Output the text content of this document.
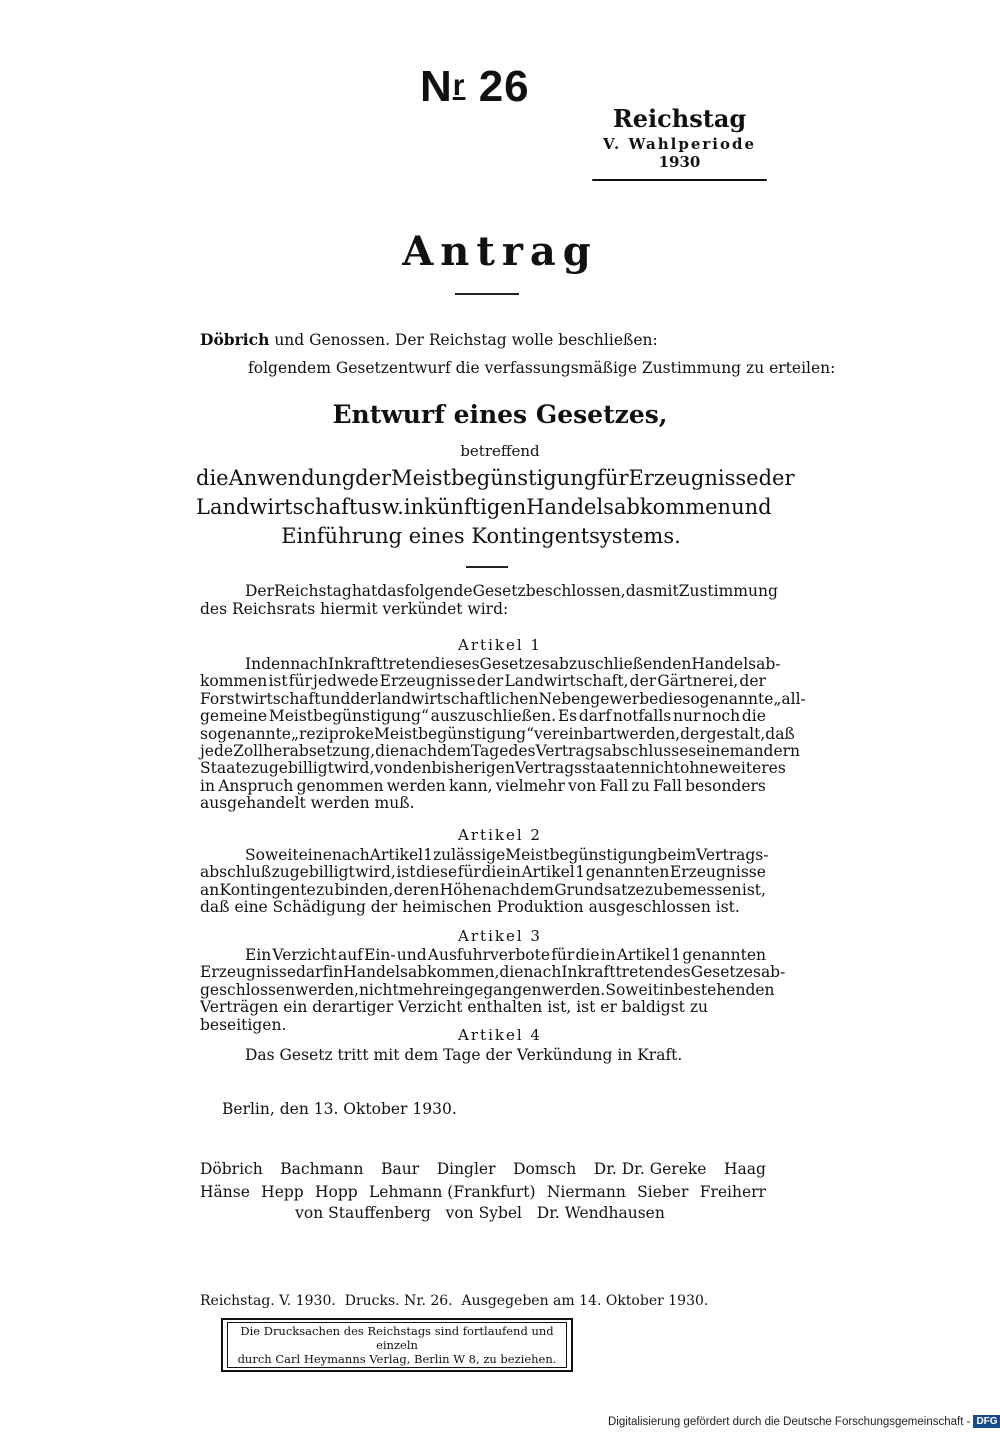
$N^r$ 26
Reichstag
V. Wahlperiode
1930
Antrag
Döbrich und Genossen. Der Reichstag wolle beschließen:
folgendem Gesetzentwurf die verfassungsmäßige Zustimmung zu erteilen:
Entwurf eines Gesetzes,
betreffend
die Anwendung der Meistbegünstigung für Erzeugnisse der
Landwirtschaft usw. in künftigen Handelsabkommen und
Einführung eines Kontingentsystems.
Der Reichstag hat das folgende Gesetz beschlossen, das mit Zustimmung
des Reichsrats hiermit verkündet wird:
Artikel 1
In den nach Inkrafttreten dieses Gesetzes abzuschließenden Handelsab-
kommen ist für jedwede Erzeugnisse der Landwirtschaft, der Gärtnerei, der
Forstwirtschaft und der landwirtschaftlichen Nebengewerbe die sogenannte „all-
gemeine Meistbegünstigung“ auszuschließen. Es darf notfalls nur noch die
sogenannte „reziproke Meistbegünstigung“ vereinbart werden, dergestalt, daß
jede Zollherabsetzung, die nach dem Tage des Vertragsabschlusses einem andern
Staate zugebilligt wird, von den bisherigen Vertragsstaaten nicht ohne weiteres
in Anspruch genommen werden kann, vielmehr von Fall zu Fall besonders
ausgehandelt werden muß.
Artikel 2
Soweit eine nach Artikel 1 zulässige Meistbegünstigung beim Vertrags-
abschluß zugebilligt wird, ist diese für die in Artikel 1 genannten Erzeugnisse
an Kontingente zu binden, deren Höhe nach dem Grundsatze zu bemessen ist,
daß eine Schädigung der heimischen Produktion ausgeschlossen ist.
Artikel 3
Ein Verzicht auf Ein- und Ausfuhrverbote für die in Artikel 1 genannten
Erzeugnisse darf in Handelsabkommen, die nach Inkrafttreten des Gesetzes ab-
geschlossen werden, nicht mehr eingegangen werden. Soweit in bestehenden
Verträgen ein derartiger Verzicht enthalten ist, ist er baldigst zu beseitigen.
Artikel 4
Das Gesetz tritt mit dem Tage der Verkündung in Kraft.
Berlin, den 13. Oktober 1930.
Döbrich Bachmann Baur Dingler Domsch Dr. Dr. Gereke Haag
Hänse Hepp Hopp Lehmann (Frankfurt) Niermann Sieber Freiherr
von Stauffenberg   von Sybel   Dr. Wendhausen
Reichstag. V. 1930.  Drucks. Nr. 26.  Ausgegeben am 14. Oktober 1930.
Die Drucksachen des Reichstags sind fortlaufend und einzeln
durch Carl Heymanns Verlag, Berlin W 8, zu beziehen.
Digitalisierung gefördert durch die Deutsche Forschungsgemeinschaft - DFG
